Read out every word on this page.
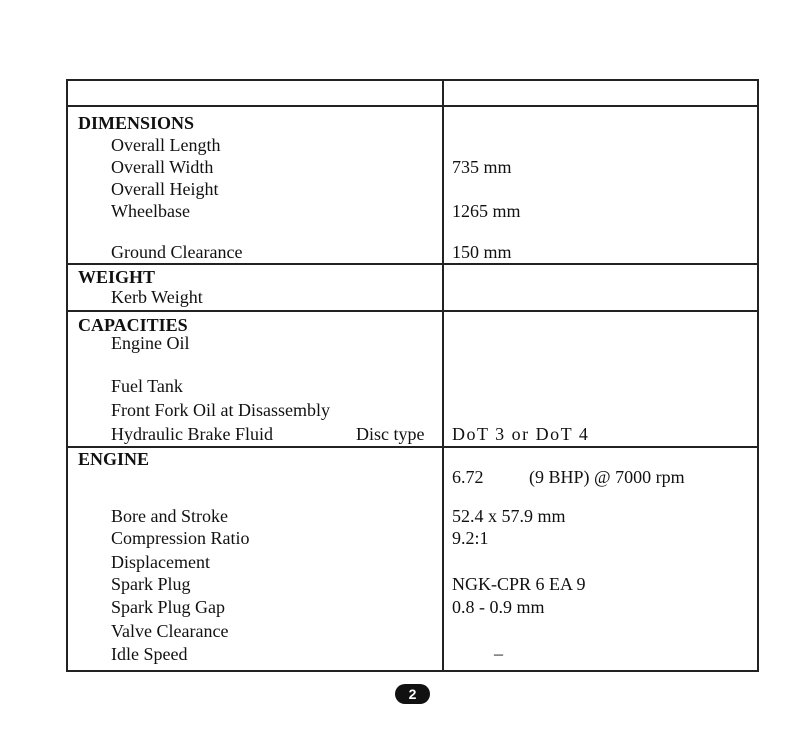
DIMENSIONS
Overall Length
Overall Width
Overall Height
Wheelbase
Ground Clearance
735 mm
1265 mm
150 mm
WEIGHT
Kerb Weight
CAPACITIES
Engine Oil
Fuel Tank
Front Fork Oil at Disassembly
Hydraulic Brake Fluid	Disc type DoT 3 or DoT 4
ENGINE
6.72	(9 BHP) @ 7000 rpm
Bore and Stroke
Compression Ratio
Displacement
Spark Plug
Spark Plug Gap
Valve Clearance
Idle Speed
52.4 x 57.9 mm
9.2:1
NGK-CPR 6 EA 9
0.8 - 0.9 mm
_
2
